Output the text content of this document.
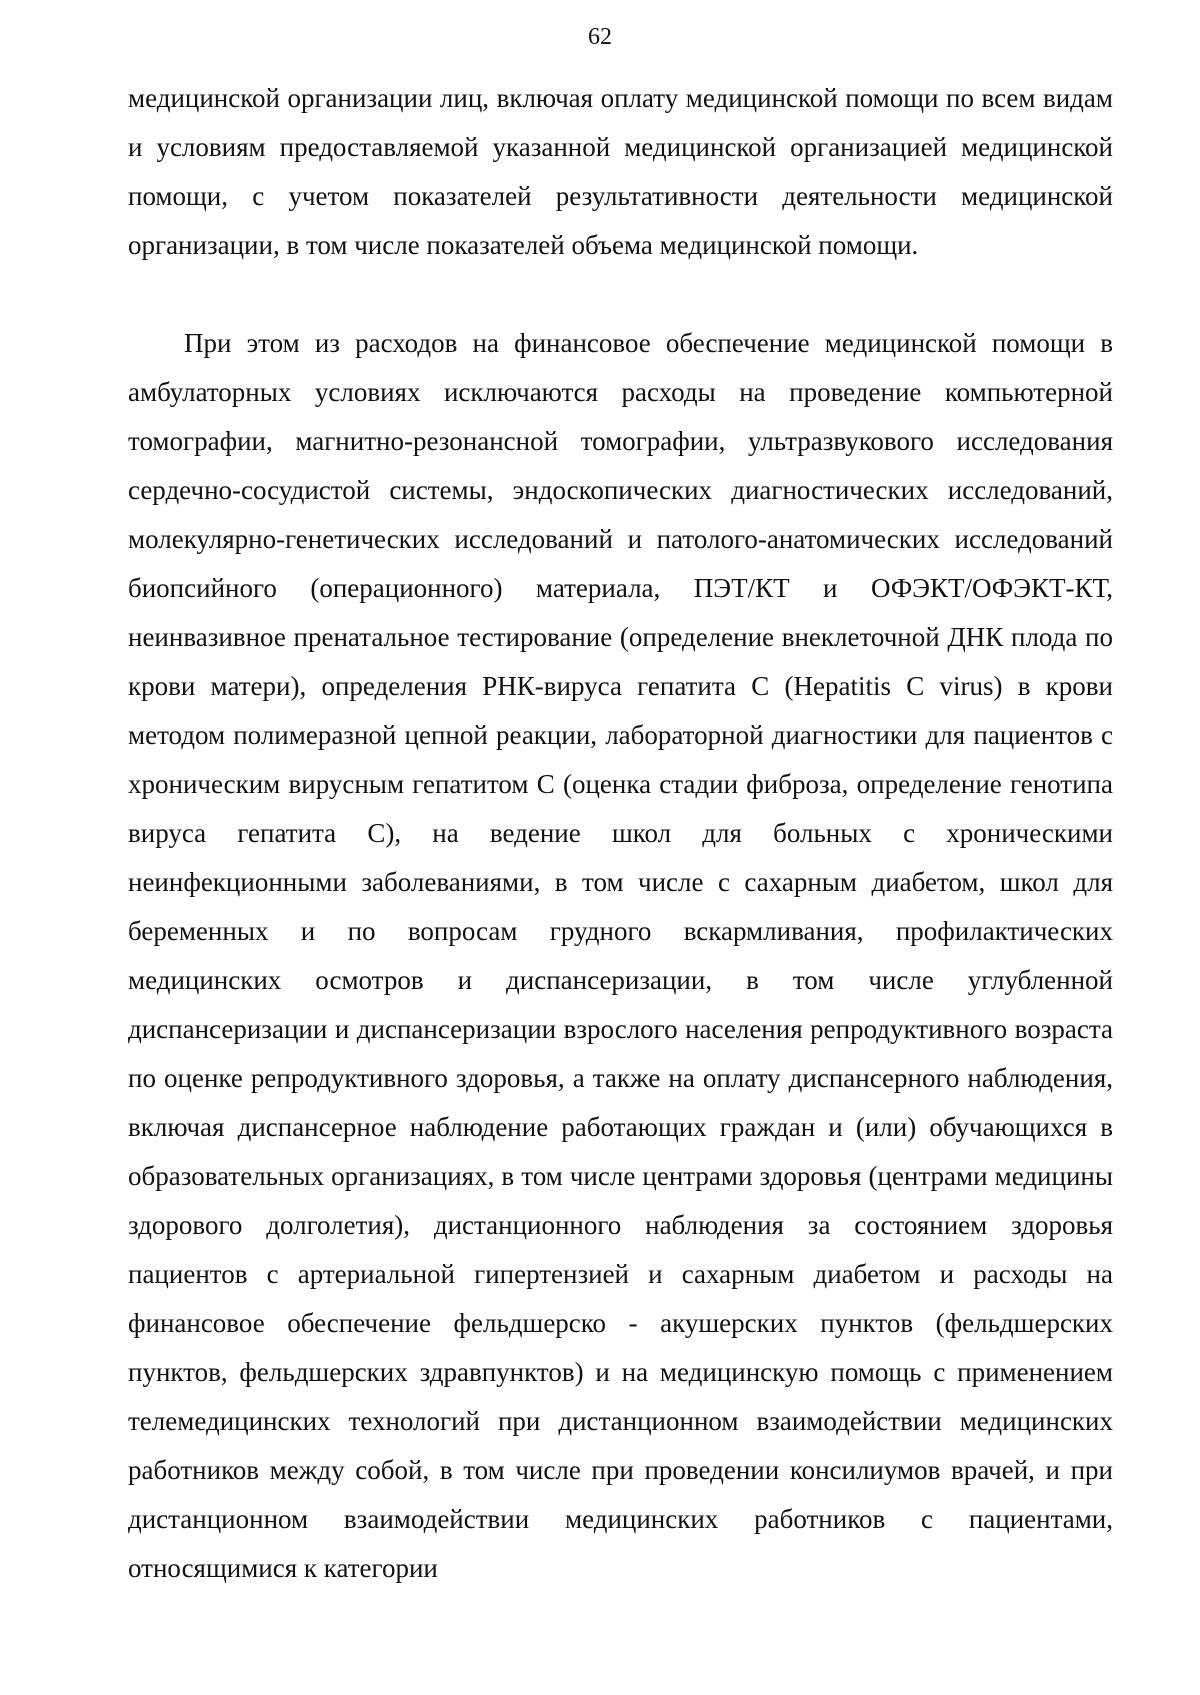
62

медицинской организации лиц, включая оплату медицинской помощи по всем видам и условиям предоставляемой указанной медицинской организацией медицинской помощи, с учетом показателей результативности деятельности медицинской организации, в том числе показателей объема медицинской помощи.

При этом из расходов на финансовое обеспечение медицинской помощи в амбулаторных условиях исключаются расходы на проведение компьютерной томографии, магнитно-резонансной томографии, ультразвукового исследования сердечно-сосудистой системы, эндоскопических диагностических исследований, молекулярно-генетических исследований и патолого-анатомических исследований биопсийного (операционного) материала, ПЭТ/КТ и ОФЭКТ/ОФЭКТ-КТ, неинвазивное пренатальное тестирование (определение внеклеточной ДНК плода по крови матери), определения РНК-вируса гепатита С (Hepatitis C virus) в крови методом полимеразной цепной реакции, лабораторной диагностики для пациентов с хроническим вирусным гепатитом С (оценка стадии фиброза, определение генотипа вируса гепатита С), на ведение школ для больных с хроническими неинфекционными заболеваниями, в том числе с сахарным диабетом, школ для беременных и по вопросам грудного вскармливания, профилактических медицинских осмотров и диспансеризации, в том числе углубленной диспансеризации и диспансеризации взрослого населения репродуктивного возраста по оценке репродуктивного здоровья, а также на оплату диспансерного наблюдения, включая диспансерное наблюдение работающих граждан и (или) обучающихся в образовательных организациях, в том числе центрами здоровья (центрами медицины здорового долголетия), дистанционного наблюдения за состоянием здоровья пациентов с артериальной гипертензией и сахарным диабетом и расходы на финансовое обеспечение фельдшерско - акушерских пунктов (фельдшерских пунктов, фельдшерских здравпунктов) и на медицинскую помощь с применением телемедицинских технологий при дистанционном взаимодействии медицинских работников между собой, в том числе при проведении консилиумов врачей, и при дистанционном взаимодействии медицинских работников с пациентами, относящимися к категории
